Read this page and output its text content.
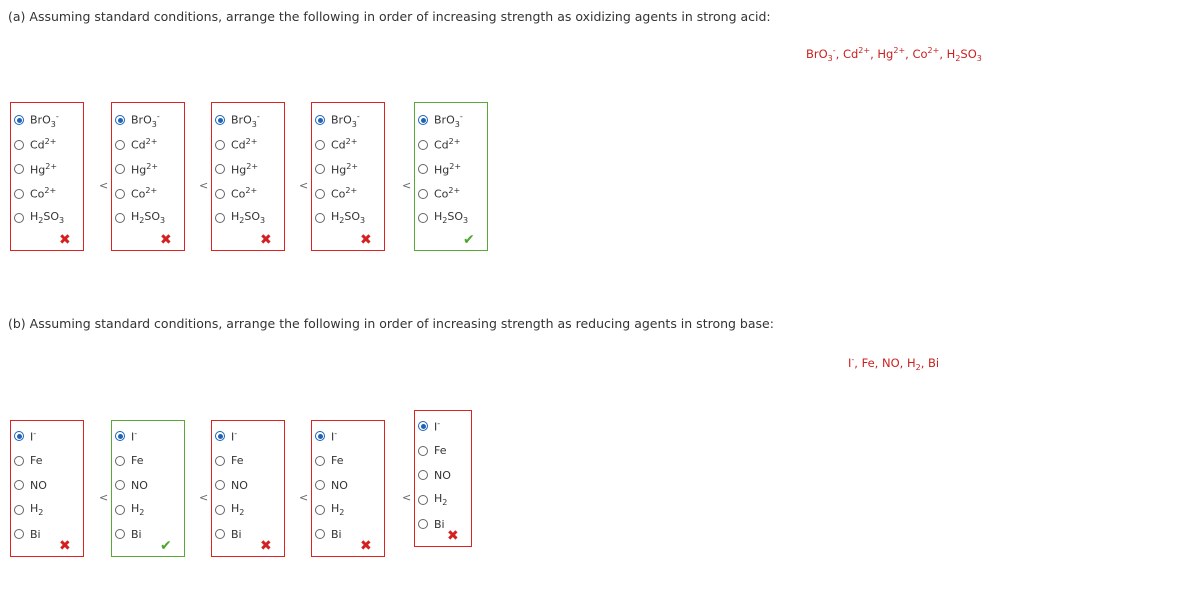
(a) Assuming standard conditions, arrange the following in order of increasing strength as oxidizing agents in strong acid:
BrO$_3$-, $Cd^{2+}$, $Hg^{2+}$, $Co^{2+}$, $H_2SO_3$
BrO$_3$-
$Cd^{2+}$
$Hg^{2+}$
$Co^{2+}$
$H_2SO_3$
✖
<
BrO$_3$-
$Cd^{2+}$
$Hg^{2+}$
$Co^{2+}$
$H_2SO_3$
✖
<
BrO$_3$-
$Cd^{2+}$
$Hg^{2+}$
$Co^{2+}$
$H_2SO_3$
✖
<
BrO$_3$-
$Cd^{2+}$
$Hg^{2+}$
$Co^{2+}$
$H_2SO_3$
✖
<
BrO$_3$-
$Cd^{2+}$
$Hg^{2+}$
$Co^{2+}$
$H_2SO_3$
✔
(b) Assuming standard conditions, arrange the following in order of increasing strength as reducing agents in strong base:
I-, Fe, NO, $H_2$, Bi
I-
Fe
NO
$H_2$
Bi
✖
<
I-
Fe
NO
$H_2$
Bi
✔
<
I-
Fe
NO
$H_2$
Bi
✖
<
I-
Fe
NO
$H_2$
Bi
✖
<
I-
Fe
NO
$H_2$
Bi
✖
